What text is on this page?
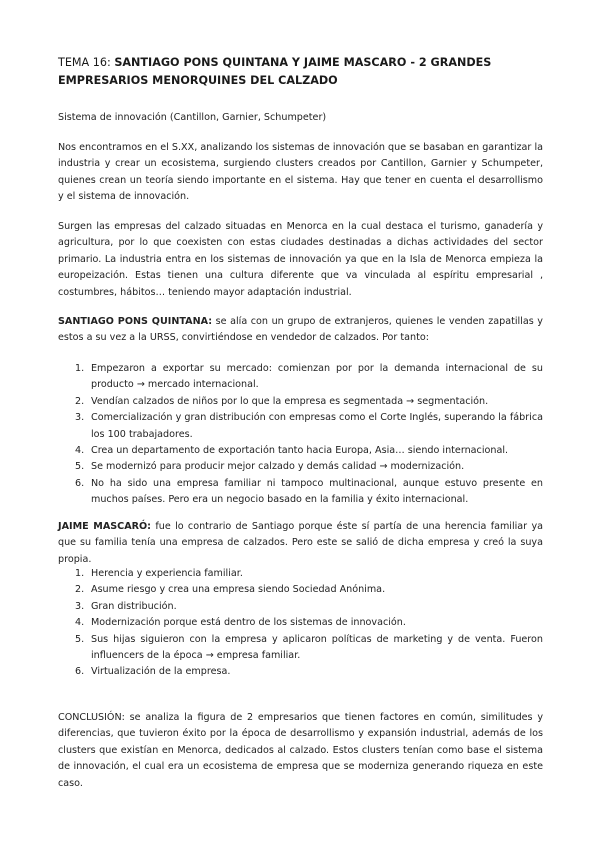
TEMA 16: SANTIAGO PONS QUINTANA Y JAIME MASCARO - 2 GRANDES EMPRESARIOS MENORQUINES DEL CALZADO

Sistema de innovación (Cantillon, Garnier, Schumpeter)

Nos encontramos en el S.XX, analizando los sistemas de innovación que se basaban en garantizar la industria y crear un ecosistema, surgiendo clusters creados por Cantillon, Garnier y Schumpeter, quienes crean un teoría siendo importante en el sistema. Hay que tener en cuenta el desarrollismo y el sistema de innovación.

Surgen las empresas del calzado situadas en Menorca en la cual destaca el turismo, ganadería y agricultura, por lo que coexisten con estas ciudades destinadas a dichas actividades del sector primario. La industria entra en los sistemas de innovación ya que en la Isla de Menorca empieza la europeización. Estas tienen una cultura diferente que va vinculada al espíritu empresarial , costumbres, hábitos… teniendo mayor adaptación industrial.

SANTIAGO PONS QUINTANA: se alía con un grupo de extranjeros, quienes le venden zapatillas y estos a su vez a la URSS, convirtiéndose en vendedor de calzados. Por tanto:

1. Empezaron a exportar su mercado: comienzan por por la demanda internacional de su producto → mercado internacional.
2. Vendían calzados de niños por lo que la empresa es segmentada → segmentación.
3. Comercialización y gran distribución con empresas como el Corte Inglés, superando la fábrica los 100 trabajadores.
4. Crea un departamento de exportación tanto hacia Europa, Asia… siendo internacional.
5. Se modernizó para producir mejor calzado y demás calidad → modernización.
6. No ha sido una empresa familiar ni tampoco multinacional, aunque estuvo presente en muchos países. Pero era un negocio basado en la familia y éxito internacional.

JAIME MASCARÓ: fue lo contrario de Santiago porque éste sí partía de una herencia familiar ya que su familia tenía una empresa de calzados. Pero este se salió de dicha empresa y creó la suya propia.

1. Herencia y experiencia familiar.
2. Asume riesgo y crea una empresa siendo Sociedad Anónima.
3. Gran distribución.
4. Modernización porque está dentro de los sistemas de innovación.
5. Sus hijas siguieron con la empresa y aplicaron políticas de marketing y de venta. Fueron influencers de la época → empresa familiar.
6. Virtualización de la empresa.

CONCLUSIÓN: se analiza la figura de 2 empresarios que tienen factores en común, similitudes y diferencias, que tuvieron éxito por la época de desarrollismo y expansión industrial, además de los clusters que existían en Menorca, dedicados al calzado. Estos clusters tenían como base el sistema de innovación, el cual era un ecosistema de empresa que se moderniza generando riqueza en este caso.
